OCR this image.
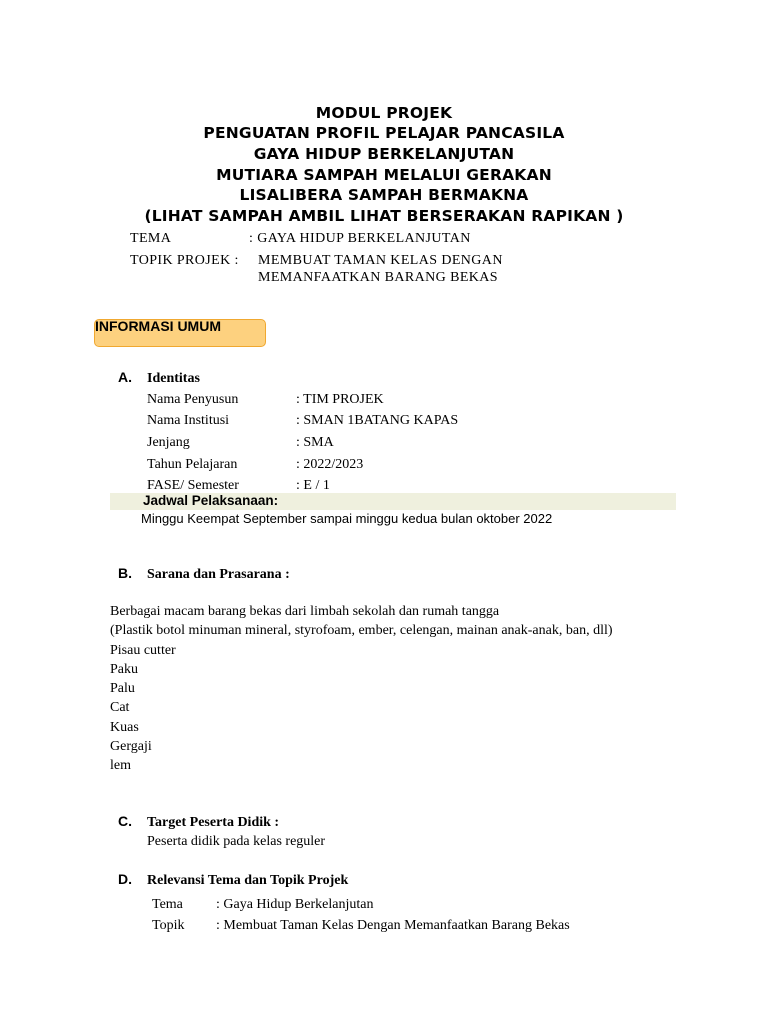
MODUL PROJEK
PENGUATAN PROFIL PELAJAR PANCASILA
GAYA HIDUP BERKELANJUTAN
MUTIARA SAMPAH MELALUI GERAKAN
LISALIBERA SAMPAH BERMAKNA
(LIHAT SAMPAH AMBIL LIHAT BERSERAKAN RAPIKAN )
TEMA	: GAYA HIDUP BERKELANJUTAN
TOPIK PROJEK : MEMBUAT TAMAN KELAS DENGAN
MEMANFAATKAN BARANG BEKAS
INFORMASI UMUM
A. Identitas
Nama Penyusun	: TIM PROJEK
Nama Institusi	: SMAN 1BATANG KAPAS
Jenjang	: SMA
Tahun Pelajaran	: 2022/2023
FASE/ Semester	: E / 1
Jadwal Pelaksanaan:
Minggu Keempat September sampai minggu kedua bulan oktober 2022
B. Sarana dan Prasarana :
Berbagai macam barang bekas dari limbah sekolah dan rumah tangga
(Plastik botol minuman mineral, styrofoam, ember, celengan, mainan anak-anak, ban, dll)
Pisau cutter
Paku
Palu
Cat
Kuas
Gergaji
lem
C. Target Peserta Didik :
Peserta didik pada kelas reguler
D. Relevansi Tema dan Topik Projek
Tema : Gaya Hidup Berkelanjutan
Topik : Membuat Taman Kelas Dengan Memanfaatkan Barang Bekas
